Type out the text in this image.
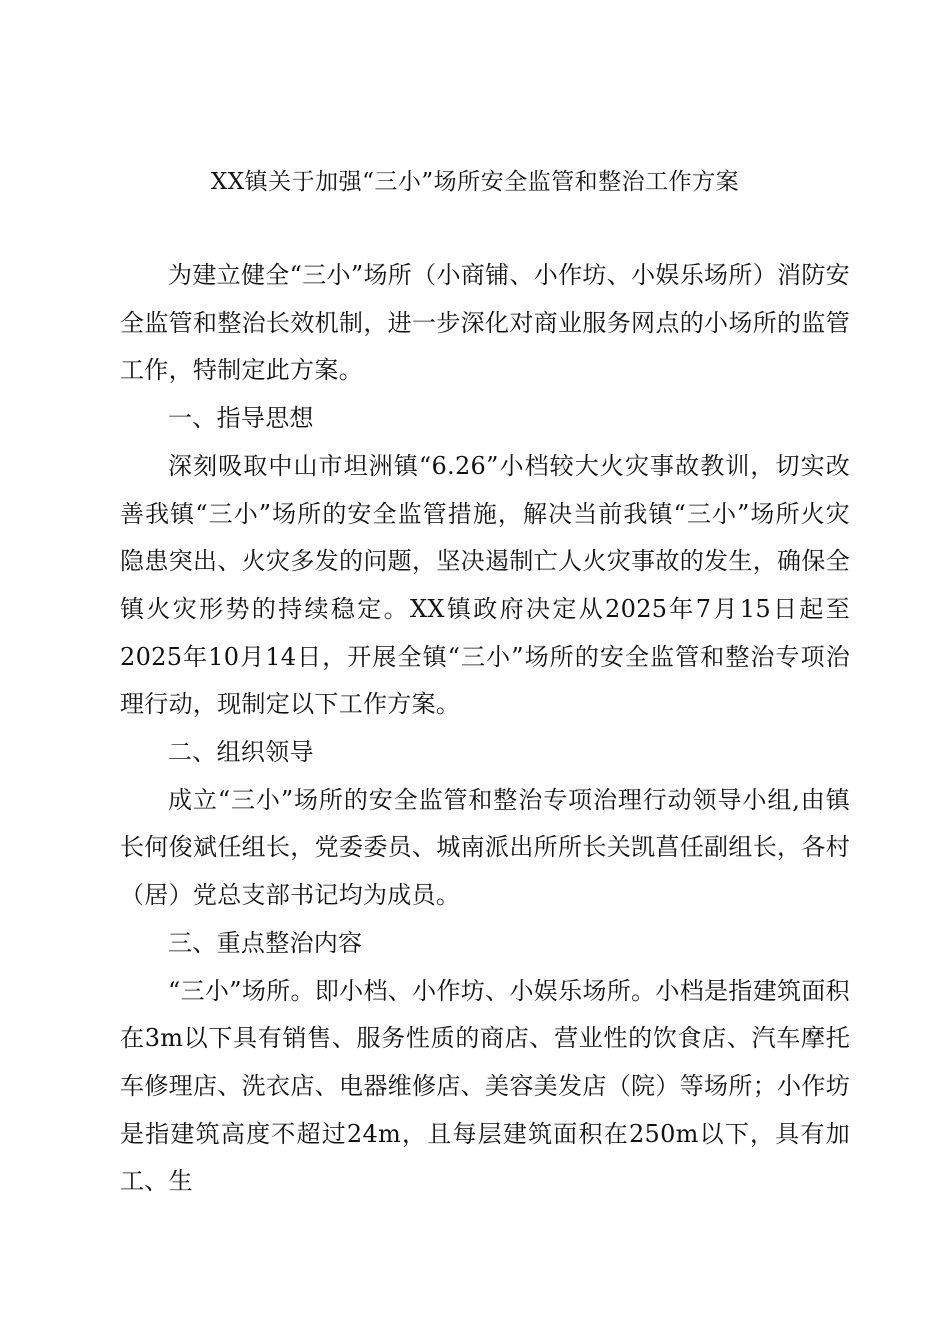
XX镇关于加强“三小”场所安全监管和整治工作方案

为建立健全“三小”场所（小商铺、小作坊、小娱乐场所）消防安全监管和整治长效机制，进一步深化对商业服务网点的小场所的监管工作，特制定此方案。

一、指导思想

深刻吸取中山市坦洲镇“6.26”小档较大火灾事故教训，切实改善我镇“三小”场所的安全监管措施，解决当前我镇“三小”场所火灾隐患突出、火灾多发的问题，坚决遏制亡人火灾事故的发生，确保全镇火灾形势的持续稳定。XX镇政府决定从2025年7月15日起至2025年10月14日，开展全镇“三小”场所的安全监管和整治专项治理行动，现制定以下工作方案。

二、组织领导

成立“三小”场所的安全监管和整治专项治理行动领导小组,由镇长何俊斌任组长，党委委员、城南派出所所长关凯菖任副组长，各村（居）党总支部书记均为成员。

三、重点整治内容

“三小”场所。即小档、小作坊、小娱乐场所。小档是指建筑面积在3m以下具有销售、服务性质的商店、营业性的饮食店、汽车摩托车修理店、洗衣店、电器维修店、美容美发店（院）等场所；小作坊是指建筑高度不超过24m，且每层建筑面积在250m以下，具有加工、生
